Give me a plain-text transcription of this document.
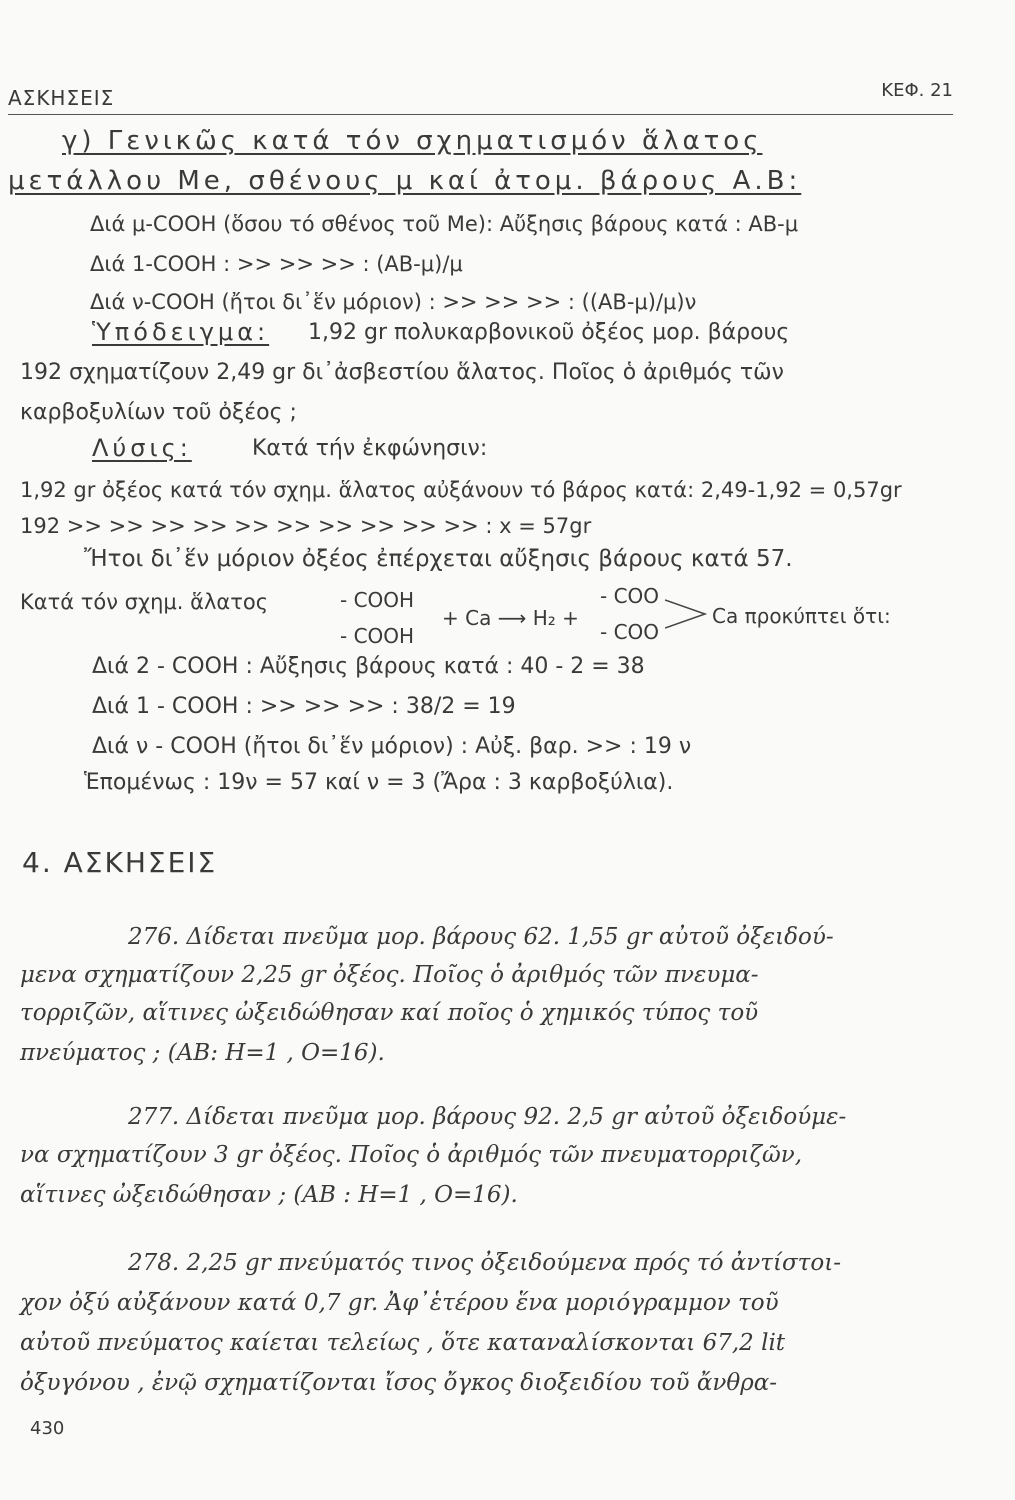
ΑΣΚΗΣΕΙΣ	ΚΕΦ. 21
γ) Γενικῶς κατά τόν σχηματισμόν ἅλατος
μετάλλου Me, σθένους μ καί ἀτομ. βάρους Α.Β:
Διά μ-COOH (ὅσου τό σθένος τοῦ Me): Αὔξησις βάρους κατά : ΑΒ-μ
Διά 1-COOH : >> >> >> : (ΑΒ-μ)/μ
Διά ν-COOH (ἤτοι δι᾽ἕν μόριον) : >> >> >> : ((ΑΒ-μ)/μ)ν
Ὑπόδειγμα: 1,92 gr πολυκαρβονικοῦ ὀξέος μορ. βάρους
192 σχηματίζουν 2,49 gr δι᾽ἀσβεστίου ἅλατος. Ποῖος ὁ ἀριθμός τῶν
καρβοξυλίων τοῦ ὀξέος ;
Λύσις:	Κατά τήν ἐκφώνησιν:
1,92 gr ὀξέος κατά τόν σχημ. ἅλατος αὐξάνουν τό βάρος κατά: 2,49-1,92 = 0,57gr
192 >> >> >> >> >> >> >> >> >> >> : x = 57gr
Ἤτοι δι᾽ἕν μόριον ὀξέος ἐπέρχεται αὔξησις βάρους κατά 57.
Κατά τόν σχημ. ἅλατος	- COOH
- COOH
+ Ca ⟶ H₂ +
- COO
- COO
Ca προκύπτει ὅτι:
Διά 2 - COOH : Αὔξησις βάρους κατά : 40 - 2 = 38
Διά 1 - COOH : >> >> >> : 38/2 = 19
Διά ν - COOH (ἤτοι δι᾽ἕν μόριον) : Αὐξ. βαρ. >> : 19 ν
Ἑπομένως : 19ν = 57 καί ν = 3 (Ἄρα : 3 καρβοξύλια).
4. ΑΣΚΗΣΕΙΣ
276. Δίδεται πνεῦμα μορ. βάρους 62. 1,55 gr αὐτοῦ ὀξειδού-
μενα σχηματίζουν 2,25 gr ὀξέος. Ποῖος ὁ ἀριθμός τῶν πνευμα-
τορριζῶν, αἵτινες ὠξειδώθησαν καί ποῖος ὁ χημικός τύπος τοῦ
πνεύματος ; (ΑΒ: Η=1 , Ο=16).
277. Δίδεται πνεῦμα μορ. βάρους 92. 2,5 gr αὐτοῦ ὀξειδούμε-
να σχηματίζουν 3 gr ὀξέος. Ποῖος ὁ ἀριθμός τῶν πνευματορριζῶν,
αἵτινες ὠξειδώθησαν ; (ΑΒ : Η=1 , Ο=16).
278. 2,25 gr πνεύματός τινος ὀξειδούμενα πρός τό ἀντίστοι-
χον ὀξύ αὐξάνουν κατά 0,7 gr. Ἀφ᾽ἑτέρου ἕνα μοριόγραμμον τοῦ
αὐτοῦ πνεύματος καίεται τελείως , ὅτε καταναλίσκονται 67,2 lit
ὀξυγόνου , ἐνῷ σχηματίζονται ἴσος ὄγκος διοξειδίου τοῦ ἄνθρα-
430
